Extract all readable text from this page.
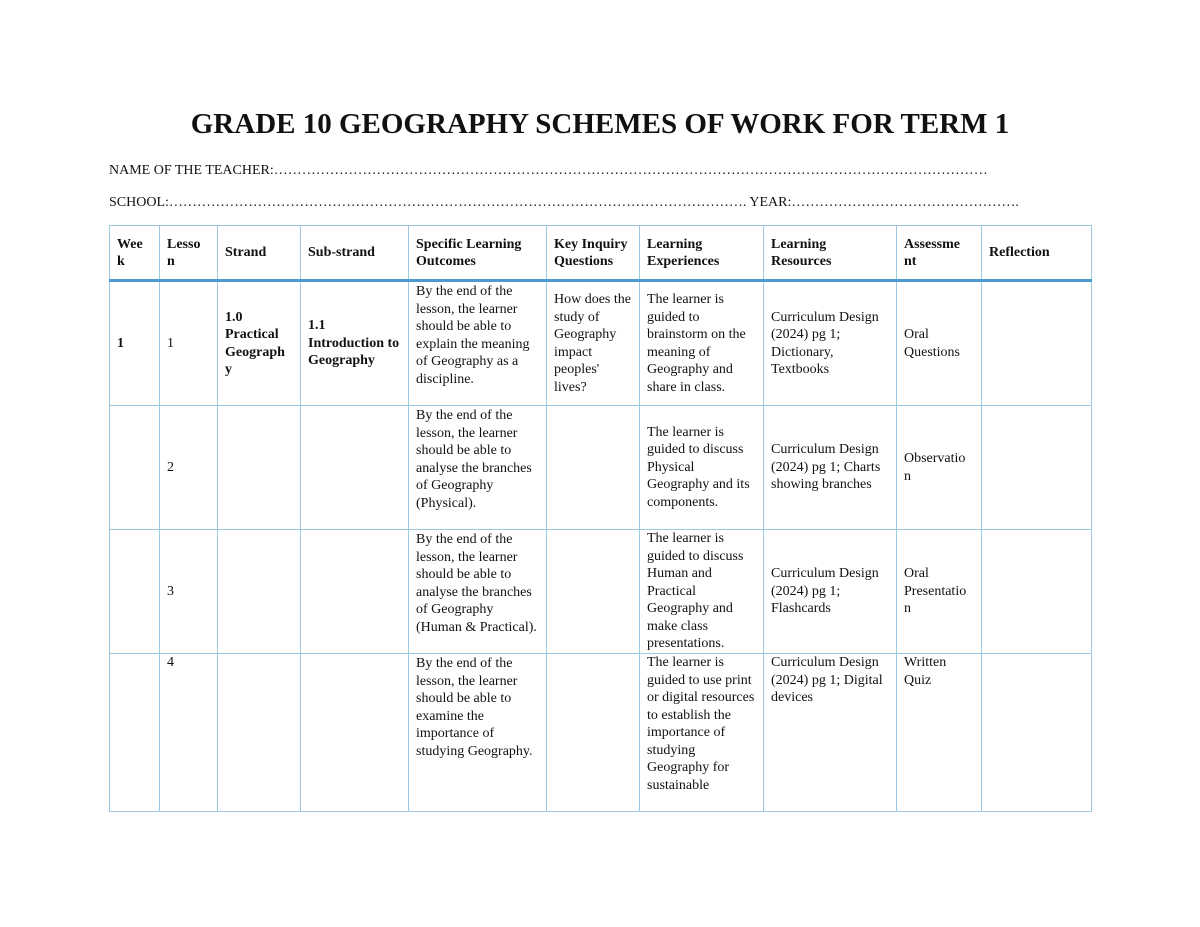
GRADE 10 GEOGRAPHY SCHEMES OF WORK FOR TERM 1
NAME OF THE TEACHER:………………………………………………………………………………………………………………………………………
SCHOOL:……………………………………………………………………………………………………………. YEAR:………………………………………….
Wee k	Lesso n	Strand	Sub-strand	Specific Learning Outcomes	Key Inquiry Questions	Learning Experiences	Learning Resources	Assessme nt	Reflection
1	1	1.0 Practical Geograph y	1.1 Introduction to Geography	By the end of the lesson, the learner should be able to explain the meaning of Geography as a discipline.	How does the study of Geography impact peoples' lives?	The learner is guided to brainstorm on the meaning of Geography and share in class.	Curriculum Design (2024) pg 1; Dictionary, Textbooks	Oral Questions	
	2			By the end of the lesson, the learner should be able to analyse the branches of Geography (Physical).		The learner is guided to discuss Physical Geography and its components.	Curriculum Design (2024) pg 1; Charts showing branches	Observatio n	
	3			By the end of the lesson, the learner should be able to analyse the branches of Geography (Human & Practical).		The learner is guided to discuss Human and Practical Geography and make class presentations.	Curriculum Design (2024) pg 1; Flashcards	Oral Presentatio n	
	4			By the end of the lesson, the learner should be able to examine the importance of studying Geography.		The learner is guided to use print or digital resources to establish the importance of studying Geography for sustainable	Curriculum Design (2024) pg 1; Digital devices	Written Quiz	
